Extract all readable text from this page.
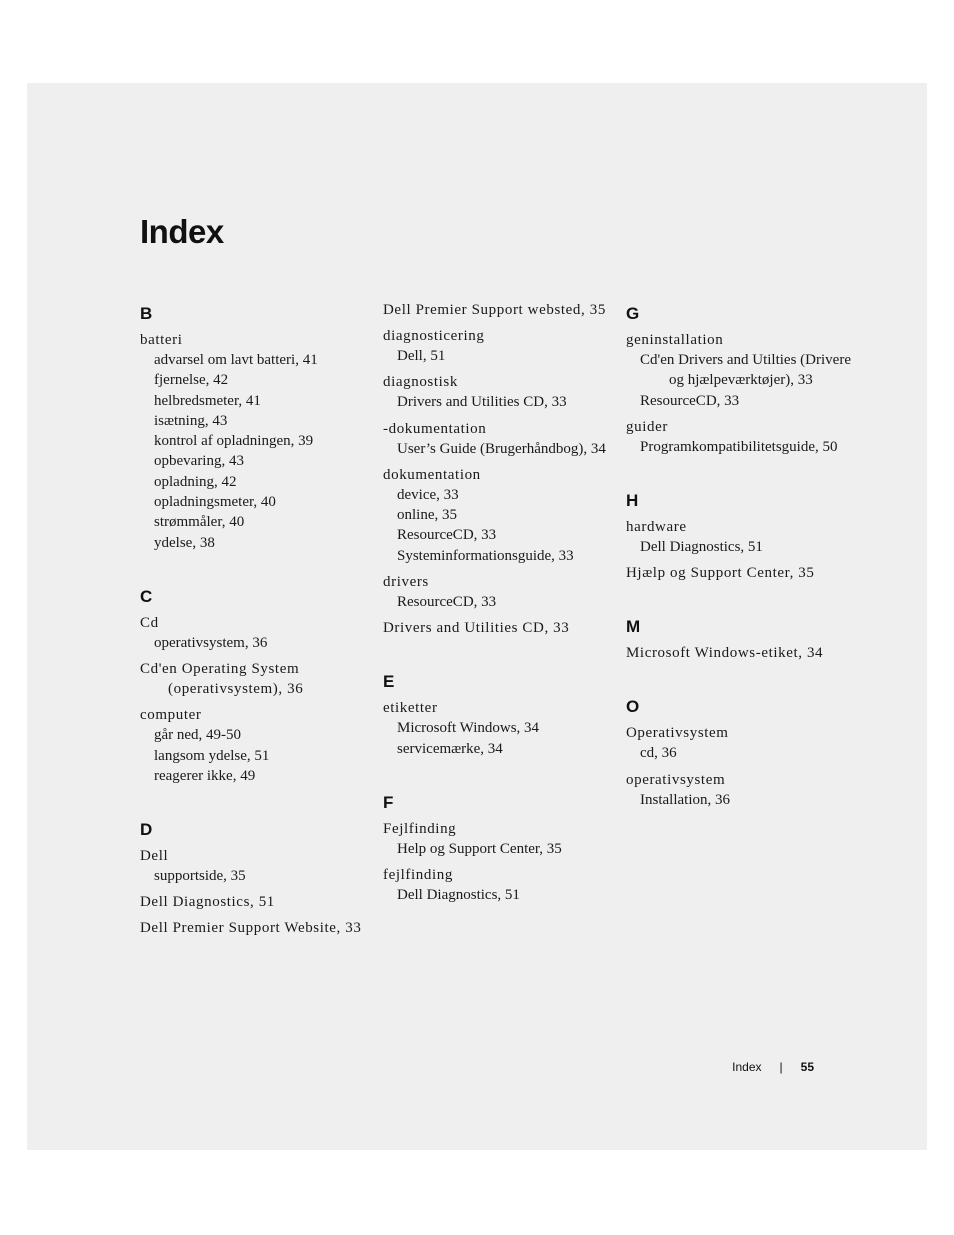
Index
B
batteri
advarsel om lavt batteri, 41
fjernelse, 42
helbredsmeter, 41
isætning, 43
kontrol af opladningen, 39
opbevaring, 43
opladning, 42
opladningsmeter, 40
strømmåler, 40
ydelse, 38
C
Cd
operativsystem, 36
Cd'en Operating System (operativsystem), 36
computer
går ned, 49-50
langsom ydelse, 51
reagerer ikke, 49
D
Dell
supportside, 35
Dell Diagnostics, 51
Dell Premier Support Website, 33
Dell Premier Support websted, 35
diagnosticering
Dell, 51
diagnostisk
Drivers and Utilities CD, 33
-dokumentation
User’s Guide (Brugerhåndbog), 34
dokumentation
device, 33
online, 35
ResourceCD, 33
Systeminformationsguide, 33
drivers
ResourceCD, 33
Drivers and Utilities CD, 33
E
etiketter
Microsoft Windows, 34
servicemærke, 34
F
Fejlfinding
Help og Support Center, 35
fejlfinding
Dell Diagnostics, 51
G
geninstallation
Cd'en Drivers and Utilties (Drivere og hjælpeværktøjer), 33
ResourceCD, 33
guider
Programkompatibilitetsguide, 50
H
hardware
Dell Diagnostics, 51
Hjælp og Support Center, 35
M
Microsoft Windows-etiket, 34
O
Operativsystem
cd, 36
operativsystem
Installation, 36
Index | 55
